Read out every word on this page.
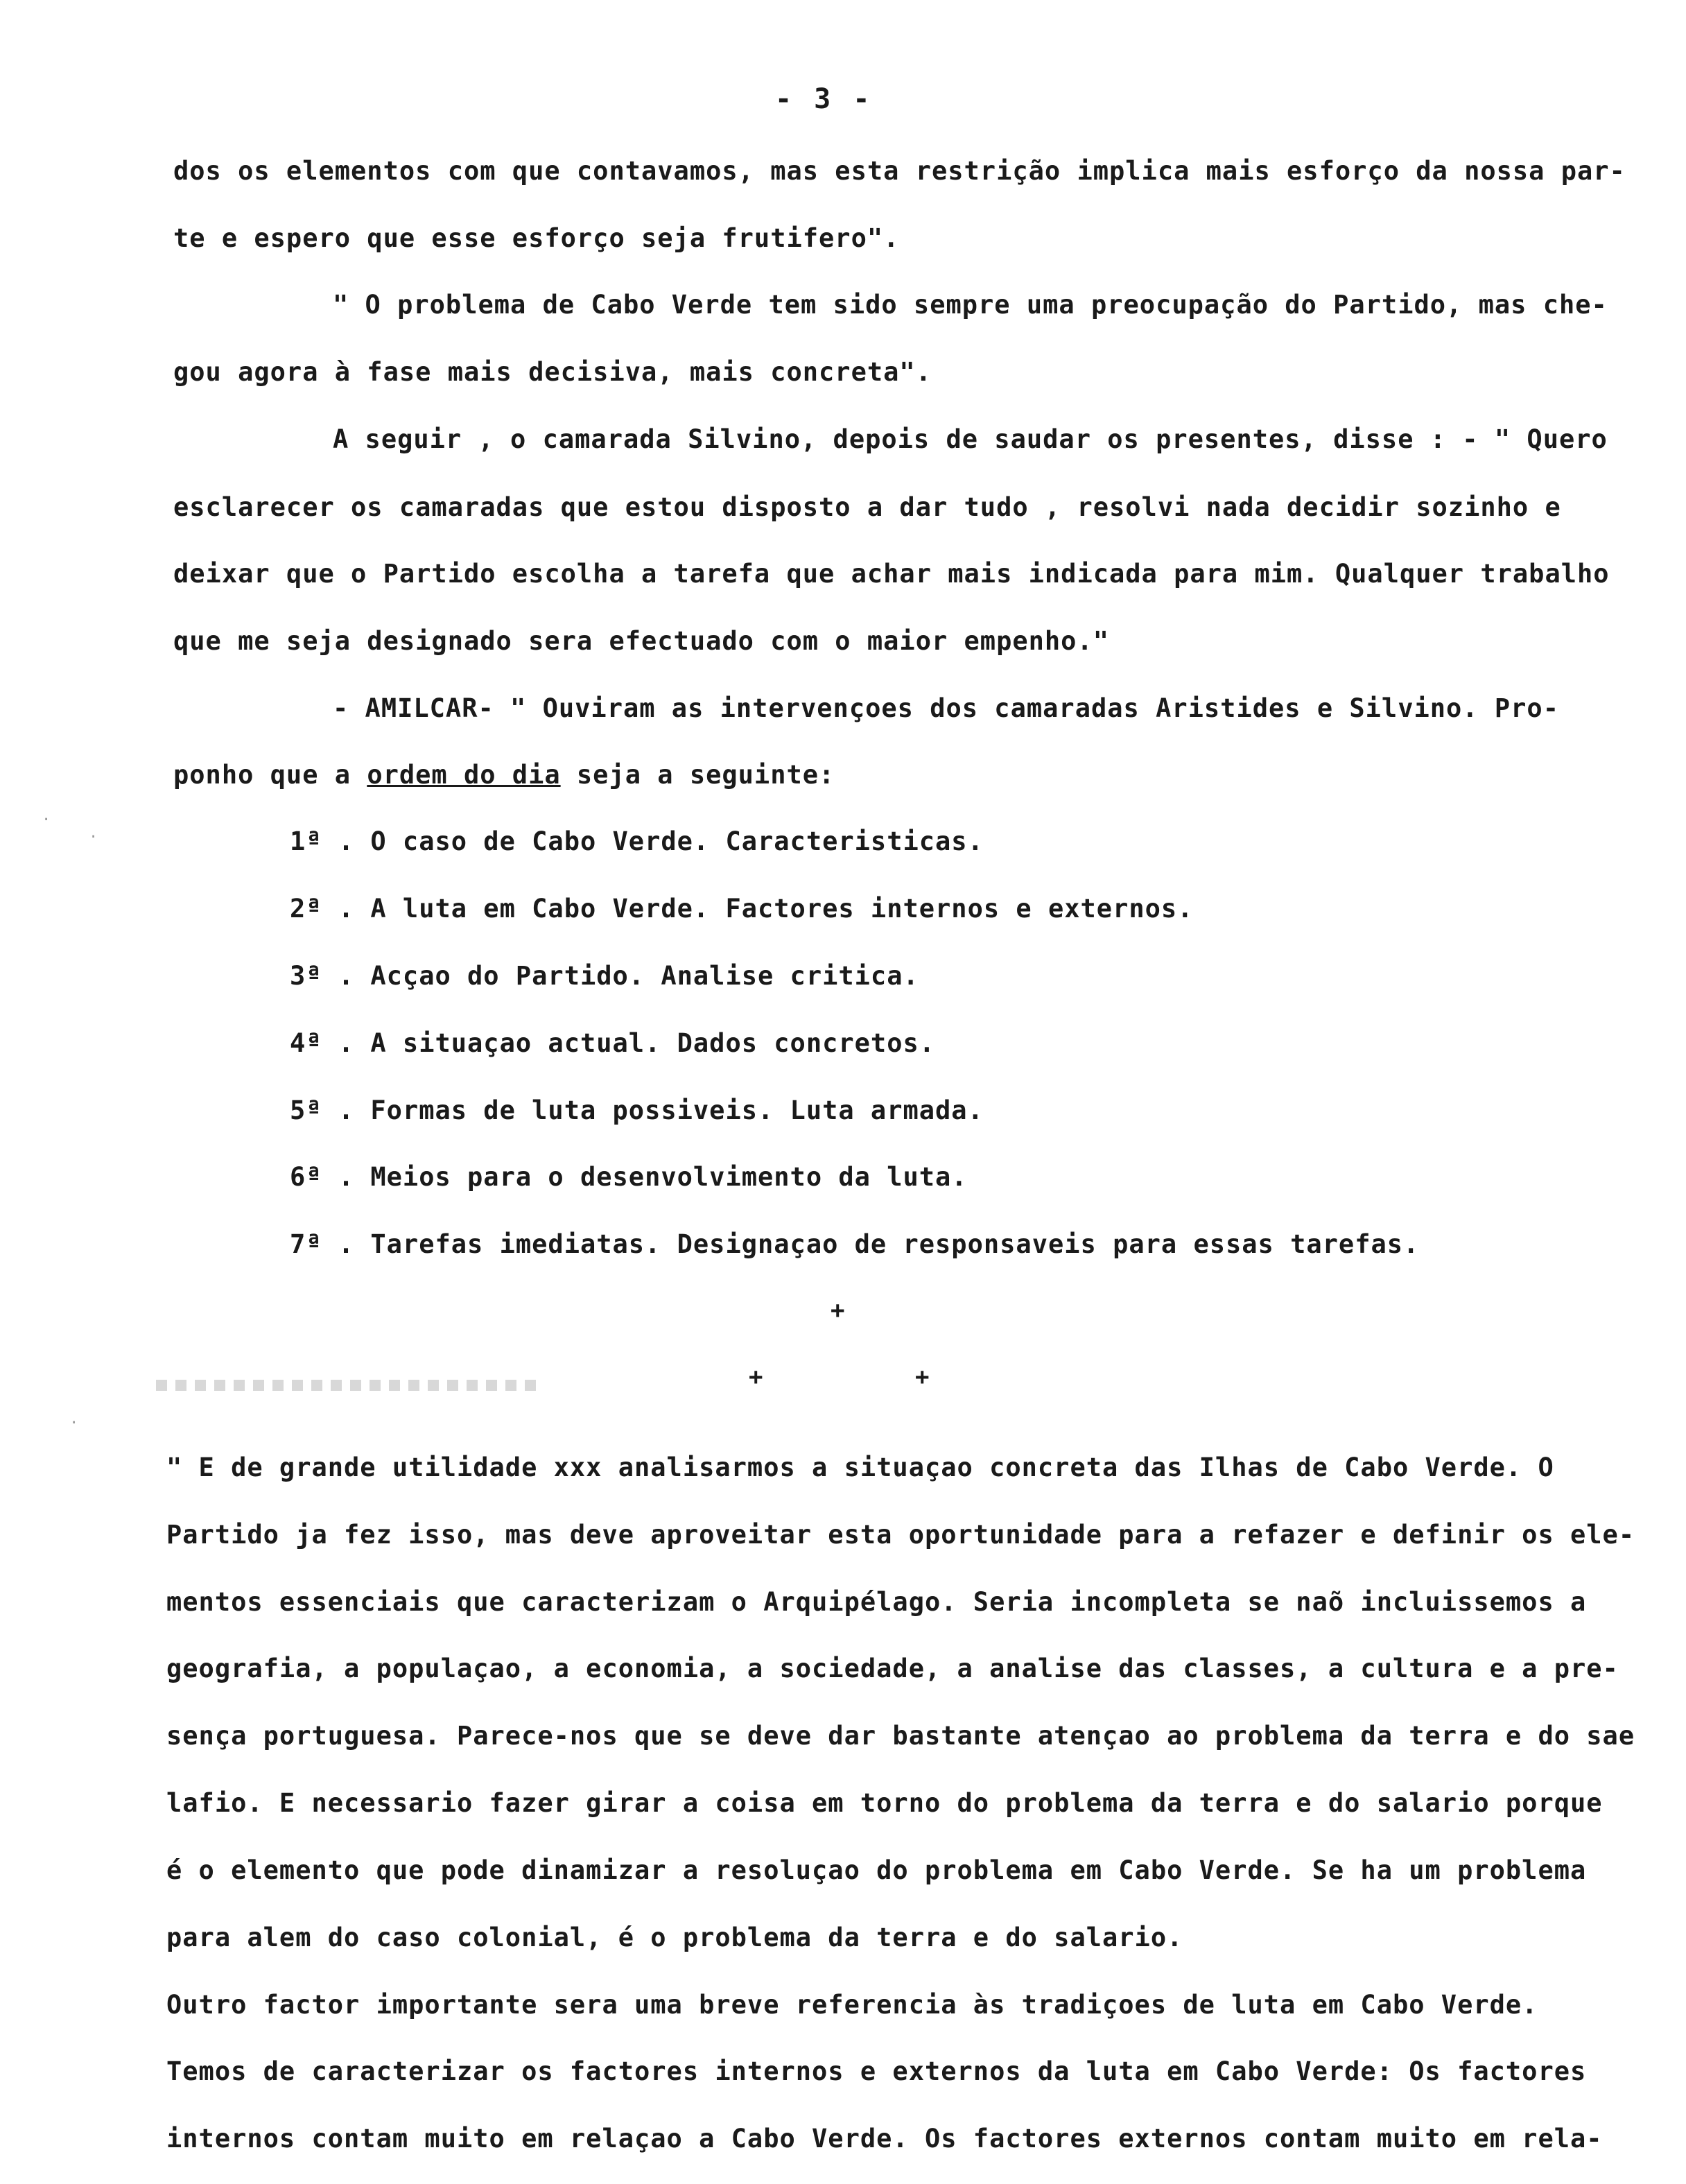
- 3 -
dos os elementos com que contavamos, mas esta restrição implica mais esforço da nossa par-
te e espero que esse esforço seja frutifero".
" O problema de Cabo Verde tem sido sempre uma preocupação do Partido, mas che-
gou agora à fase mais decisiva, mais concreta".
A seguir , o camarada Silvino, depois de saudar os presentes, disse : - " Quero
esclarecer os camaradas que estou disposto a dar tudo , resolvi nada decidir sozinho e
deixar que o Partido escolha a tarefa que achar mais indicada para mim. Qualquer trabalho
que me seja designado sera efectuado com o maior empenho."
- AMILCAR- " Ouviram as intervençoes dos camaradas Aristides e Silvino. Pro-
ponho que a ordem do dia seja a seguinte:
1ª . O caso de Cabo Verde. Caracteristicas.
2ª . A luta em Cabo Verde. Factores internos e externos.
3ª . Acçao do Partido. Analise critica.
4ª . A situaçao actual. Dados concretos.
5ª . Formas de luta possiveis. Luta armada.
6ª . Meios para o desenvolvimento da luta.
7ª . Tarefas imediatas. Designaçao de responsaveis para essas tarefas.
+
+	+
" E de grande utilidade xxx analisarmos a situaçao concreta das Ilhas de Cabo Verde. O
Partido ja fez isso, mas deve aproveitar esta oportunidade para a refazer e definir os ele-
mentos essenciais que caracterizam o Arquipélago. Seria incompleta se naõ incluissemos a
geografia, a populaçao, a economia, a sociedade, a analise das classes, a cultura e a pre-
sença portuguesa. Parece-nos que se deve dar bastante atençao ao problema da terra e do sae
lafio. E necessario fazer girar a coisa em torno do problema da terra e do salario porque
é o elemento que pode dinamizar a resoluçao do problema em Cabo Verde. Se ha um problema
para alem do caso colonial, é o problema da terra e do salario.
Outro factor importante sera uma breve referencia às tradiçoes de luta em Cabo Verde.
Temos de caracterizar os factores internos e externos da luta em Cabo Verde: Os factores
internos contam muito em relaçao a Cabo Verde. Os factores externos contam muito em rela-
·
·
·
